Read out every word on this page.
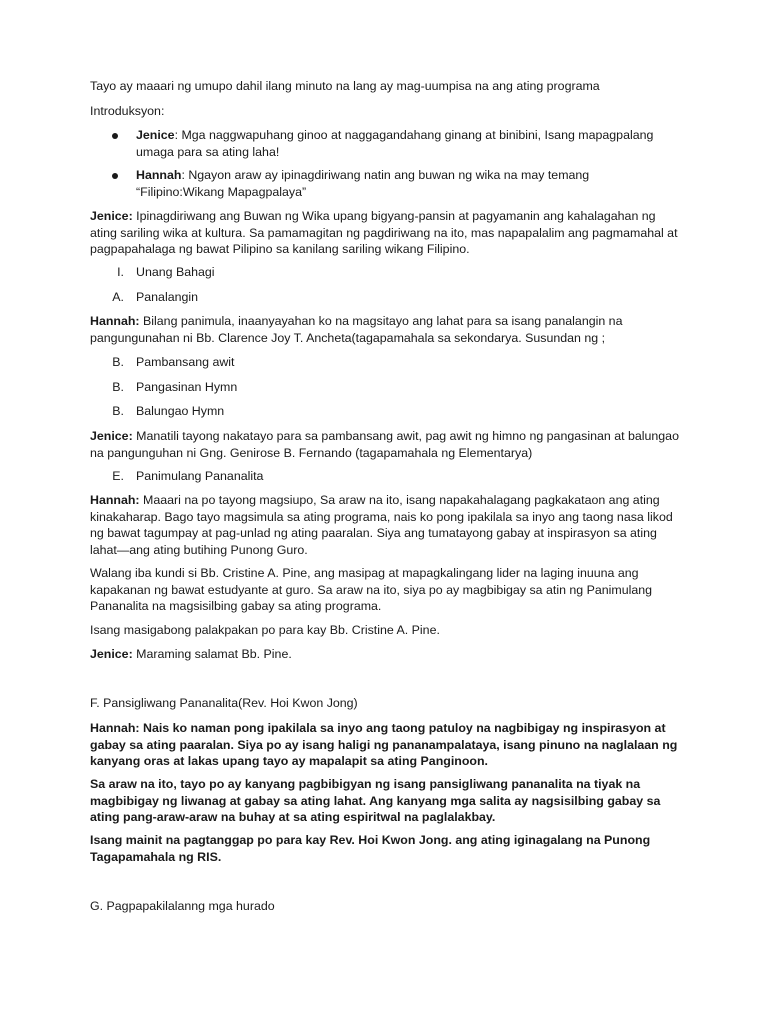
Tayo ay maaari ng umupo dahil ilang minuto na lang ay mag-uumpisa na ang ating programa

Introduksyon:

Jenice: Mga naggwapuhang ginoo at naggagandahang ginang at binibini, Isang mapagpalang umaga para sa ating laha!

Hannah: Ngayon araw ay ipinagdiriwang natin ang buwan ng wika na may temang “Filipino:Wikang Mapagpalaya”

Jenice: Ipinagdiriwang ang Buwan ng Wika upang bigyang-pansin at pagyamanin ang kahalagahan ng ating sariling wika at kultura. Sa pamamagitan ng pagdiriwang na ito, mas napapalalim ang pagmamahal at pagpapahalaga ng bawat Pilipino sa kanilang sariling wikang Filipino.

I. Unang Bahagi
A. Panalangin

Hannah: Bilang panimula, inaanyayahan ko na magsitayo ang lahat para sa isang panalangin na pangungunahan ni Bb. Clarence Joy T. Ancheta(tagapamahala sa sekondarya. Susundan ng ;

B. Pambansang awit
B. Pangasinan Hymn
B. Balungao Hymn

Jenice: Manatili tayong nakatayo para sa pambansang awit, pag awit ng himno ng pangasinan at balungao na pangunguhan ni Gng. Genirose B. Fernando (tagapamahala ng Elementarya)

E. Panimulang Pananalita

Hannah: Maaari na po tayong magsiupo, Sa araw na ito, isang napakahalagang pagkakataon ang ating kinakaharap. Bago tayo magsimula sa ating programa, nais ko pong ipakilala sa inyo ang taong nasa likod ng bawat tagumpay at pag-unlad ng ating paaralan. Siya ang tumatayong gabay at inspirasyon sa ating lahat—ang ating butihing Punong Guro.

Walang iba kundi si Bb. Cristine A. Pine, ang masipag at mapagkalingang lider na laging inuuna ang kapakanan ng bawat estudyante at guro. Sa araw na ito, siya po ay magbibigay sa atin ng Panimulang Pananalita na magsisilbing gabay sa ating programa.

Isang masigabong palakpakan po para kay Bb. Cristine A. Pine.

Jenice: Maraming salamat Bb. Pine.

F. Pansigliwang Pananalita(Rev. Hoi Kwon Jong)

Hannah: Nais ko naman pong ipakilala sa inyo ang taong patuloy na nagbibigay ng inspirasyon at gabay sa ating paaralan. Siya po ay isang haligi ng pananampalataya, isang pinuno na naglalaan ng kanyang oras at lakas upang tayo ay mapalapit sa ating Panginoon.

Sa araw na ito, tayo po ay kanyang pagbibigyan ng isang pansigliwang pananalita na tiyak na magbibigay ng liwanag at gabay sa ating lahat. Ang kanyang mga salita ay nagsisilbing gabay sa ating pang-araw-araw na buhay at sa ating espiritwal na paglalakbay.

Isang mainit na pagtanggap po para kay Rev. Hoi Kwon Jong. ang ating iginagalang na Punong Tagapamahala ng RIS.

G. Pagpapakilalanng mga hurado
